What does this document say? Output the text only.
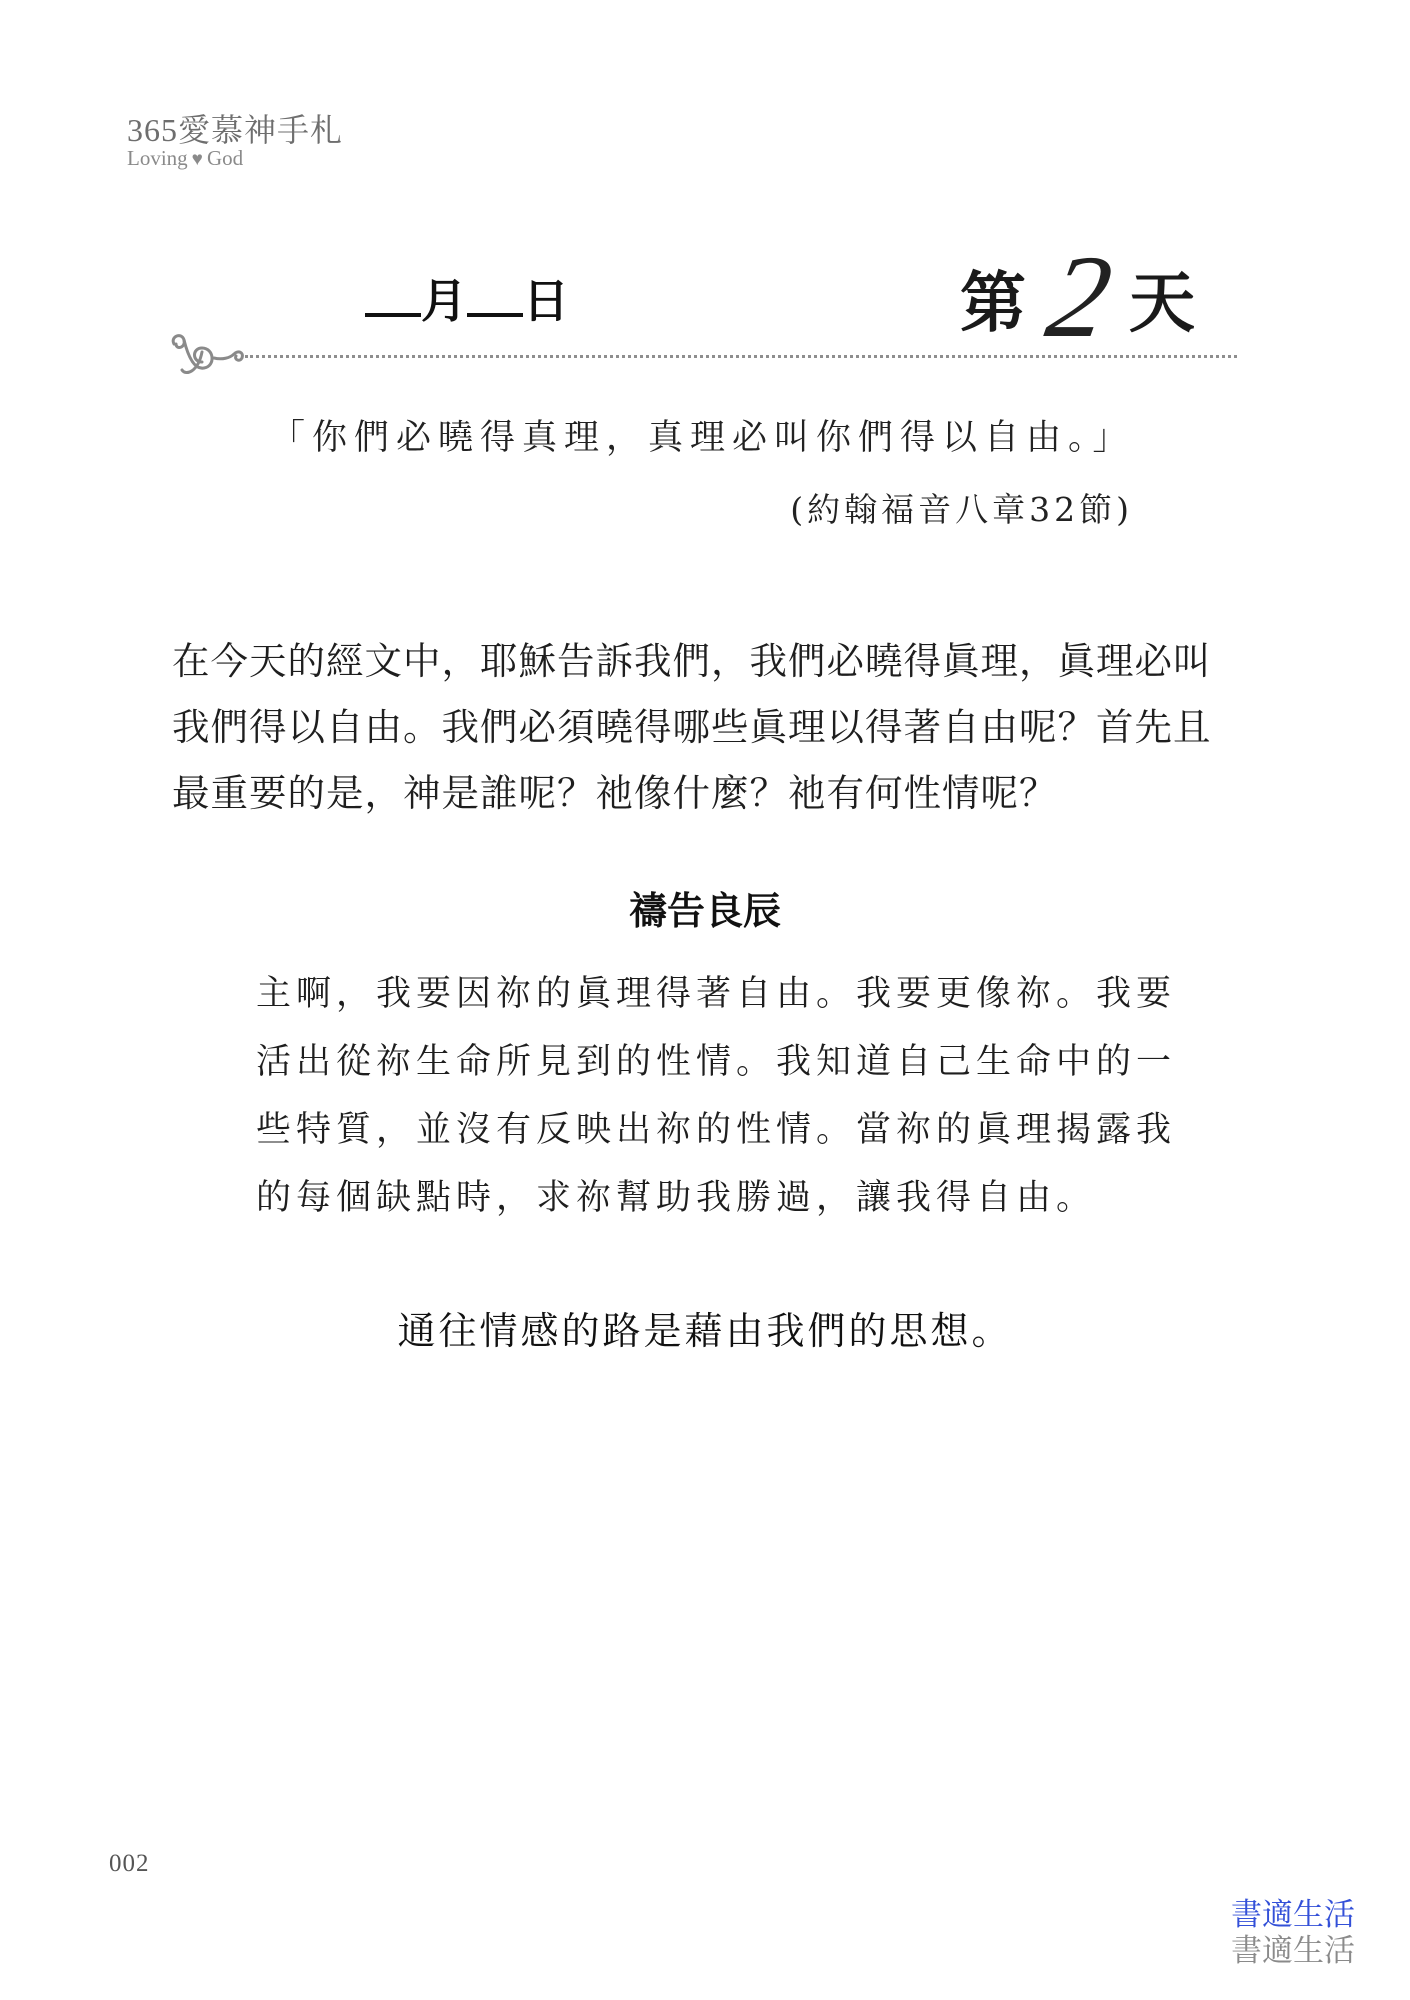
365愛慕神手札
Loving ♥ God
月 日	第 2 天
「你們必曉得真理，真理必叫你們得以自由。」
(約翰福音八章32節)
在今天的經文中，耶穌告訴我們，我們必曉得眞理，眞理必叫
我們得以自由。我們必須曉得哪些眞理以得著自由呢？首先且
最重要的是，神是誰呢？祂像什麼？祂有何性情呢？
禱告良辰
主啊，我要因祢的眞理得著自由。我要更像祢。我要
活出從祢生命所見到的性情。我知道自己生命中的一
些特質，並沒有反映出祢的性情。當祢的眞理揭露我
的每個缺點時，求祢幫助我勝過，讓我得自由。
通往情感的路是藉由我們的思想。
002
書適生活
書適生活
